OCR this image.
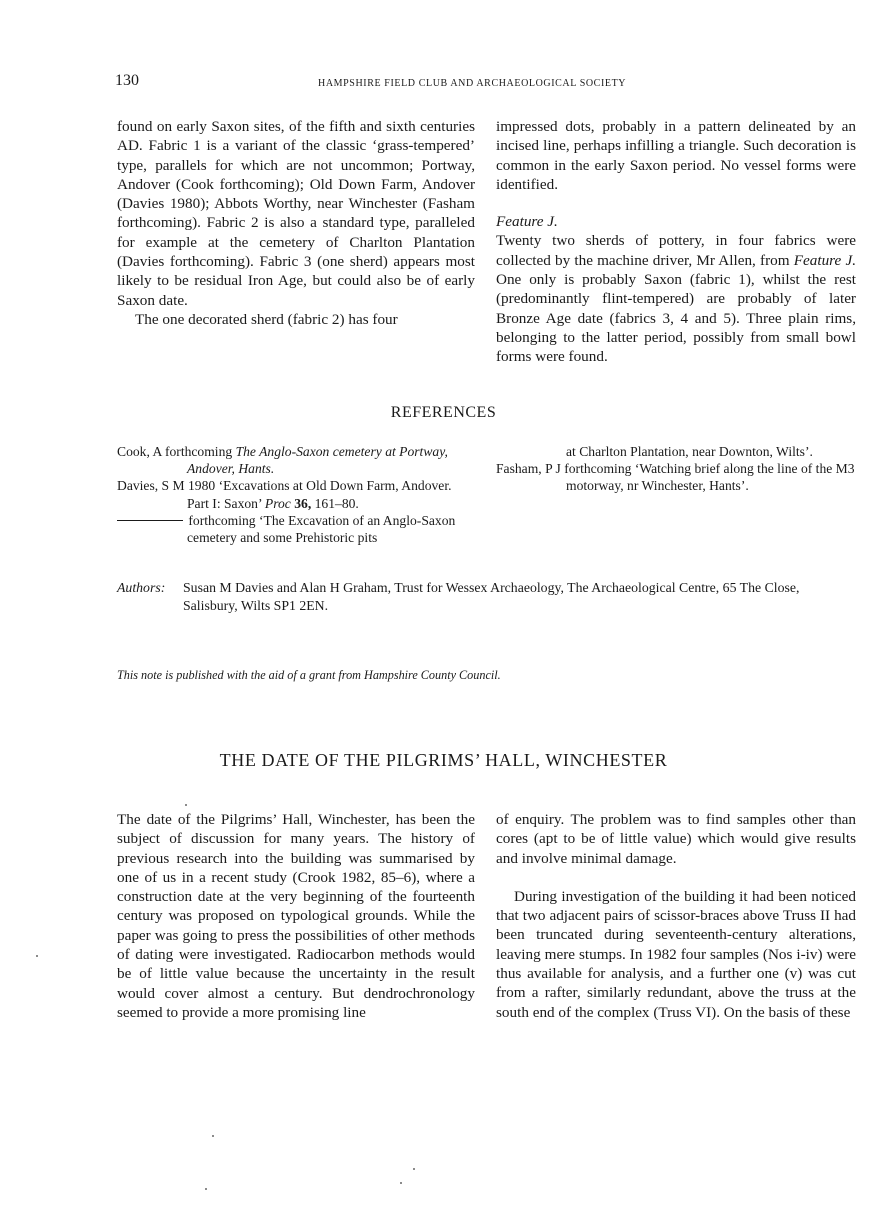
130	HAMPSHIRE FIELD CLUB AND ARCHAEOLOGICAL SOCIETY

found on early Saxon sites, of the fifth and sixth centuries AD. Fabric 1 is a variant of the classic ‘grass-tempered’ type, parallels for which are not uncommon; Portway, Andover (Cook forthcoming); Old Down Farm, Andover (Davies 1980); Abbots Worthy, near Winchester (Fasham forthcoming). Fabric 2 is also a standard type, paralleled for example at the cemetery of Charlton Plantation (Davies forthcoming). Fabric 3 (one sherd) appears most likely to be residual Iron Age, but could also be of early Saxon date.

The one decorated sherd (fabric 2) has four

impressed dots, probably in a pattern delineated by an incised line, perhaps infilling a triangle. Such decoration is common in the early Saxon period. No vessel forms were identified.

Feature J.

Twenty two sherds of pottery, in four fabrics were collected by the machine driver, Mr Allen, from Feature J. One only is probably Saxon (fabric 1), whilst the rest (predominantly flint-tempered) are probably of later Bronze Age date (fabrics 3, 4 and 5). Three plain rims, belonging to the latter period, possibly from small bowl forms were found.

REFERENCES

Cook, A forthcoming The Anglo-Saxon cemetery at Portway, Andover, Hants.

Davies, S M 1980 ‘Excavations at Old Down Farm, Andover. Part I: Saxon’ Proc 36, 161–80.

forthcoming ‘The Excavation of an Anglo-Saxon cemetery and some Prehistoric pits

at Charlton Plantation, near Downton, Wilts’.

Fasham, P J forthcoming ‘Watching brief along the line of the M3 motorway, nr Winchester, Hants’.

Authors: Susan M Davies and Alan H Graham, Trust for Wessex Archaeology, The Archaeological Centre, 65 The Close, Salisbury, Wilts SP1 2EN.
This note is published with the aid of a grant from Hampshire County Council.
THE DATE OF THE PILGRIMS’ HALL, WINCHESTER

The date of the Pilgrims’ Hall, Winchester, has been the subject of discussion for many years. The history of previous research into the building was summarised by one of us in a recent study (Crook 1982, 85–6), where a construction date at the very beginning of the fourteenth century was proposed on typological grounds. While the paper was going to press the possibilities of other methods of dating were investigated. Radiocarbon methods would be of little value because the uncertainty in the result would cover almost a century. But dendrochronology seemed to provide a more promising line

of enquiry. The problem was to find samples other than cores (apt to be of little value) which would give results and involve minimal damage.

During investigation of the building it had been noticed that two adjacent pairs of scissor-braces above Truss II had been truncated during seventeenth-century alterations, leaving mere stumps. In 1982 four samples (Nos i-iv) were thus available for analysis, and a further one (v) was cut from a rafter, similarly redundant, above the truss at the south end of the complex (Truss VI). On the basis of these
